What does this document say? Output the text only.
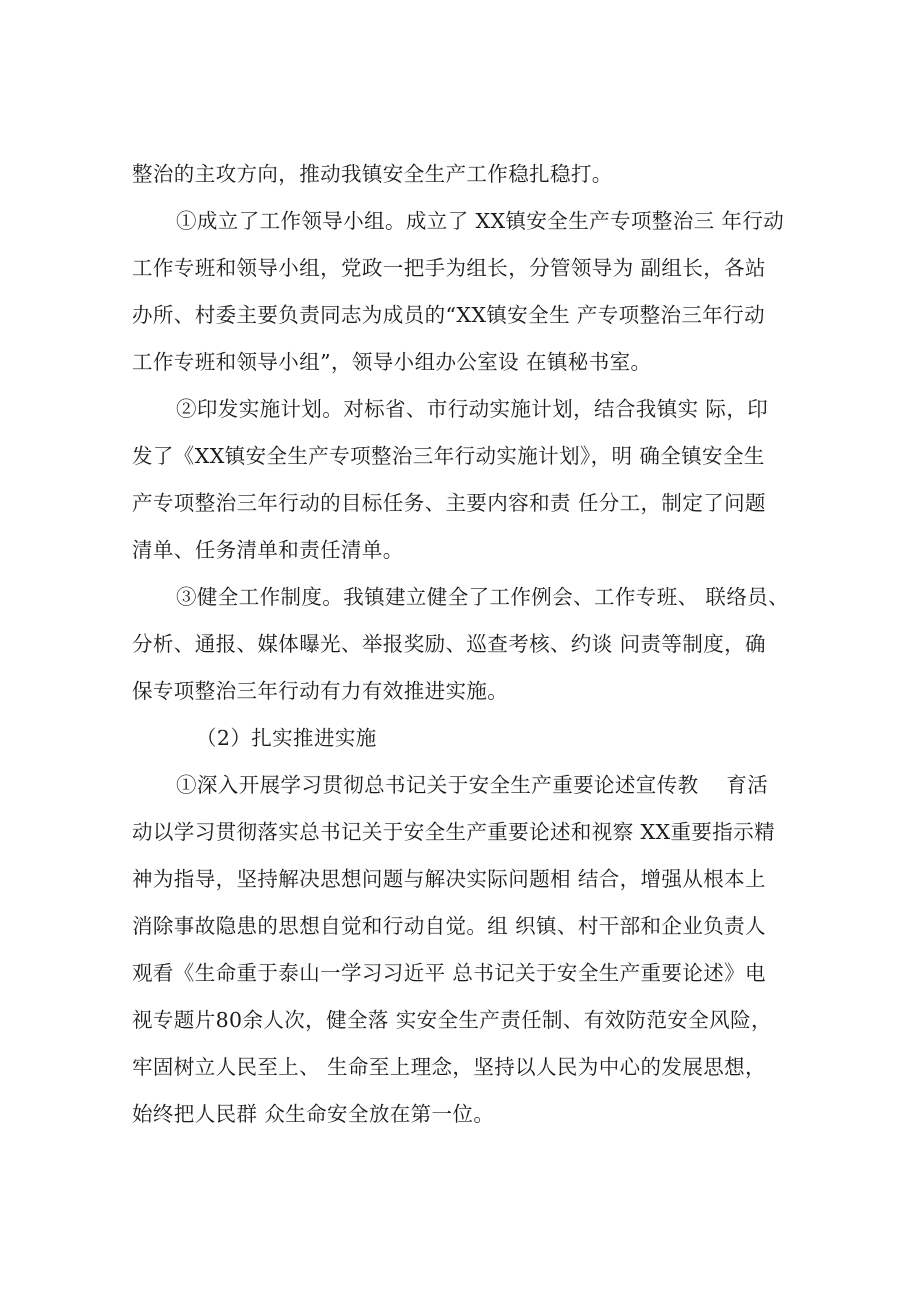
整治的主攻方向，推动我镇安全生产工作稳扎稳打。
①成立了工作领导小组。成立了 XX镇安全生产专项整治三 年行动
工作专班和领导小组，党政一把手为组长，分管领导为 副组长，各站
办所、村委主要负责同志为成员的“XX镇安全生 产专项整治三年行动
工作专班和领导小组”，领导小组办公室设 在镇秘书室。
②印发实施计划。对标省、市行动实施计划，结合我镇实 际，印
发了《XX镇安全生产专项整治三年行动实施计划》，明 确全镇安全生
产专项整治三年行动的目标任务、主要内容和责 任分工，制定了问题
清单、任务清单和责任清单。
③健全工作制度。我镇建立健全了工作例会、工作专班、 联络员、
分析、通报、媒体曝光、举报奖励、巡查考核、约谈 问责等制度，确
保专项整治三年行动有力有效推进实施。
（2）扎实推进实施
①深入开展学习贯彻总书记关于安全生产重要论述宣传教　 育活
动以学习贯彻落实总书记关于安全生产重要论述和视察 XX重要指示精
神为指导，坚持解决思想问题与解决实际问题相 结合，增强从根本上
消除事故隐患的思想自觉和行动自觉。组 织镇、村干部和企业负责人
观看《生命重于泰山一学习习近平 总书记关于安全生产重要论述》电
视专题片80余人次，健全落 实安全生产责任制、有效防范安全风险，
牢固树立人民至上、 生命至上理念，坚持以人民为中心的发展思想，
始终把人民群 众生命安全放在第一位。
